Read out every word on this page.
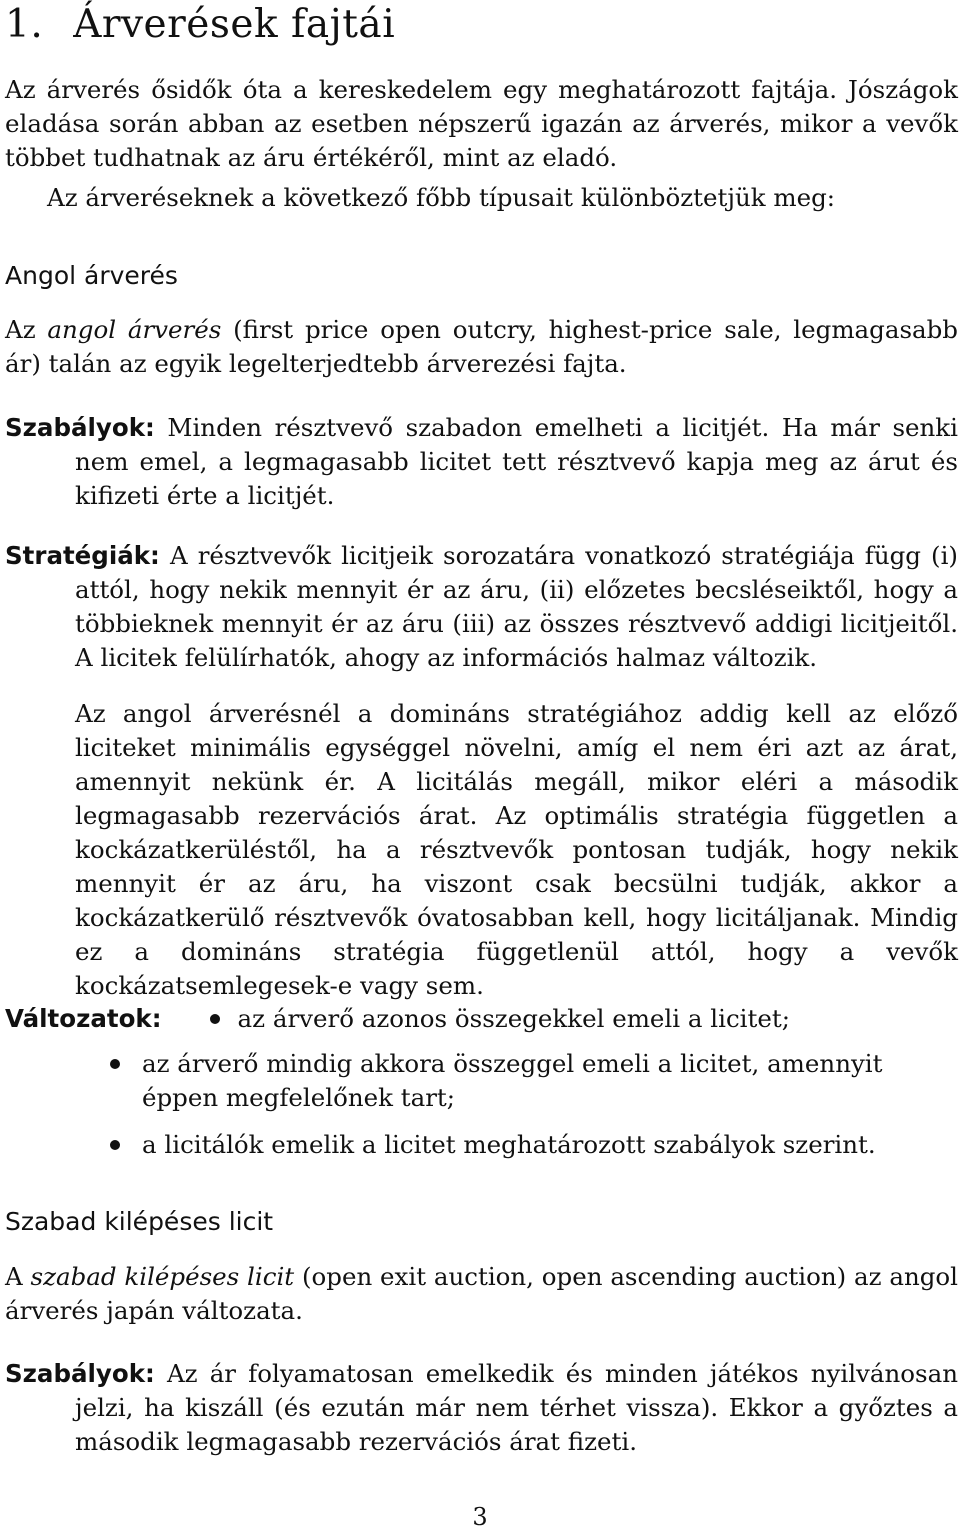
1. Árverések fajtái
Az árverés ősidők óta a kereskedelem egy meghatározott fajtája. Jószágok eladása során abban az esetben népszerű igazán az árverés, mikor a vevők többet tudhatnak az áru értékéről, mint az eladó.
Az árveréseknek a következő főbb típusait különböztetjük meg:
Angol árverés
Az angol árverés (first price open outcry, highest-price sale, legmagasabb ár) talán az egyik legelterjedtebb árverezési fajta.
Szabályok: Minden résztvevő szabadon emelheti a licitjét. Ha már senki nem emel, a legmagasabb licitet tett résztvevő kapja meg az árut és kifizeti érte a licitjét.
Stratégiák: A résztvevők licitjeik sorozatára vonatkozó stratégiája függ (i) attól, hogy nekik mennyit ér az áru, (ii) előzetes becsléseiktől, hogy a többieknek mennyit ér az áru (iii) az összes résztvevő addigi licitjeitől. A licitek felülírhatók, ahogy az információs halmaz változik.
Az angol árverésnél a domináns stratégiához addig kell az előző liciteket minimális egységgel növelni, amíg el nem éri azt az árat, amennyit nekünk ér. A licitálás megáll, mikor eléri a második legmagasabb rezervációs árat. Az optimális stratégia független a kockázatkerüléstől, ha a résztvevők pontosan tudják, hogy nekik mennyit ér az áru, ha viszont csak becsülni tudják, akkor a kockázatkerülő résztvevők óvatosabban kell, hogy licitáljanak. Mindig ez a domináns stratégia függetlenül attól, hogy a vevők kockázatsemlegesek-e vagy sem.
Változatok:	az árverő azonos összegekkel emeli a licitet;
az árverő mindig akkora összeggel emeli a licitet, amennyit éppen megfelelőnek tart;
a licitálók emelik a licitet meghatározott szabályok szerint.
Szabad kilépéses licit
A szabad kilépéses licit (open exit auction, open ascending auction) az angol árverés japán változata.
Szabályok: Az ár folyamatosan emelkedik és minden játékos nyilvánosan jelzi, ha kiszáll (és ezután már nem térhet vissza). Ekkor a győztes a második legmagasabb rezervációs árat fizeti.
3
